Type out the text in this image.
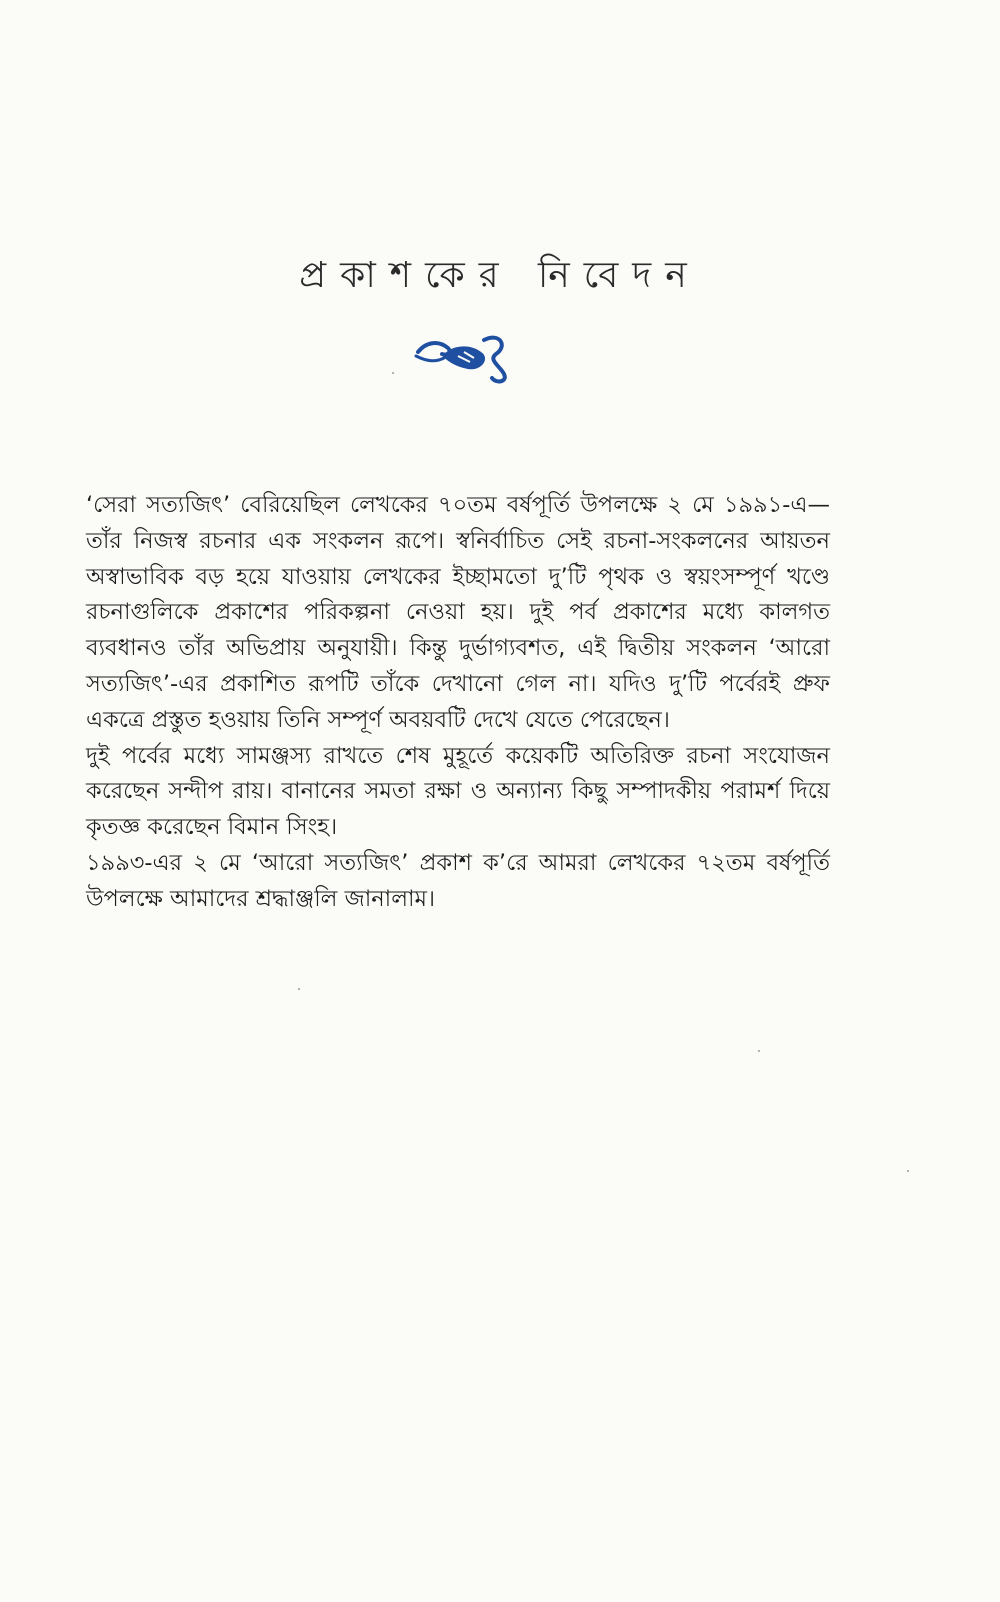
প্রকাশকের নিবেদন

‘সেরা সত্যজিৎ’ বেরিয়েছিল লেখকের ৭০তম বর্ষপূর্তি উপলক্ষে ২ মে ১৯৯১-এ—তাঁর নিজস্ব রচনার এক সংকলন রূপে। স্বনির্বাচিত সেই রচনা-সংকলনের আয়তন অস্বাভাবিক বড় হয়ে যাওয়ায় লেখকের ইচ্ছামতো দু’টি পৃথক ও স্বয়ংসম্পূর্ণ খণ্ডে রচনাগুলিকে প্রকাশের পরিকল্পনা নেওয়া হয়। দুই পর্ব প্রকাশের মধ্যে কালগত ব্যবধানও তাঁর অভিপ্রায় অনুযায়ী। কিন্তু দুর্ভাগ্যবশত, এই দ্বিতীয় সংকলন ‘আরো সত্যজিৎ’-এর প্রকাশিত রূপটি তাঁকে দেখানো গেল না। যদিও দু’টি পর্বেরই প্রুফ একত্রে প্রস্তুত হওয়ায় তিনি সম্পূর্ণ অবয়বটি দেখে যেতে পেরেছেন।

দুই পর্বের মধ্যে সামঞ্জস্য রাখতে শেষ মুহূর্তে কয়েকটি অতিরিক্ত রচনা সংযোজন করেছেন সন্দীপ রায়। বানানের সমতা রক্ষা ও অন্যান্য কিছু সম্পাদকীয় পরামর্শ দিয়ে কৃতজ্ঞ করেছেন বিমান সিংহ।

১৯৯৩-এর ২ মে ‘আরো সত্যজিৎ’ প্রকাশ ক’রে আমরা লেখকের ৭২তম বর্ষপূর্তি উপলক্ষে আমাদের শ্রদ্ধাঞ্জলি জানালাম।
